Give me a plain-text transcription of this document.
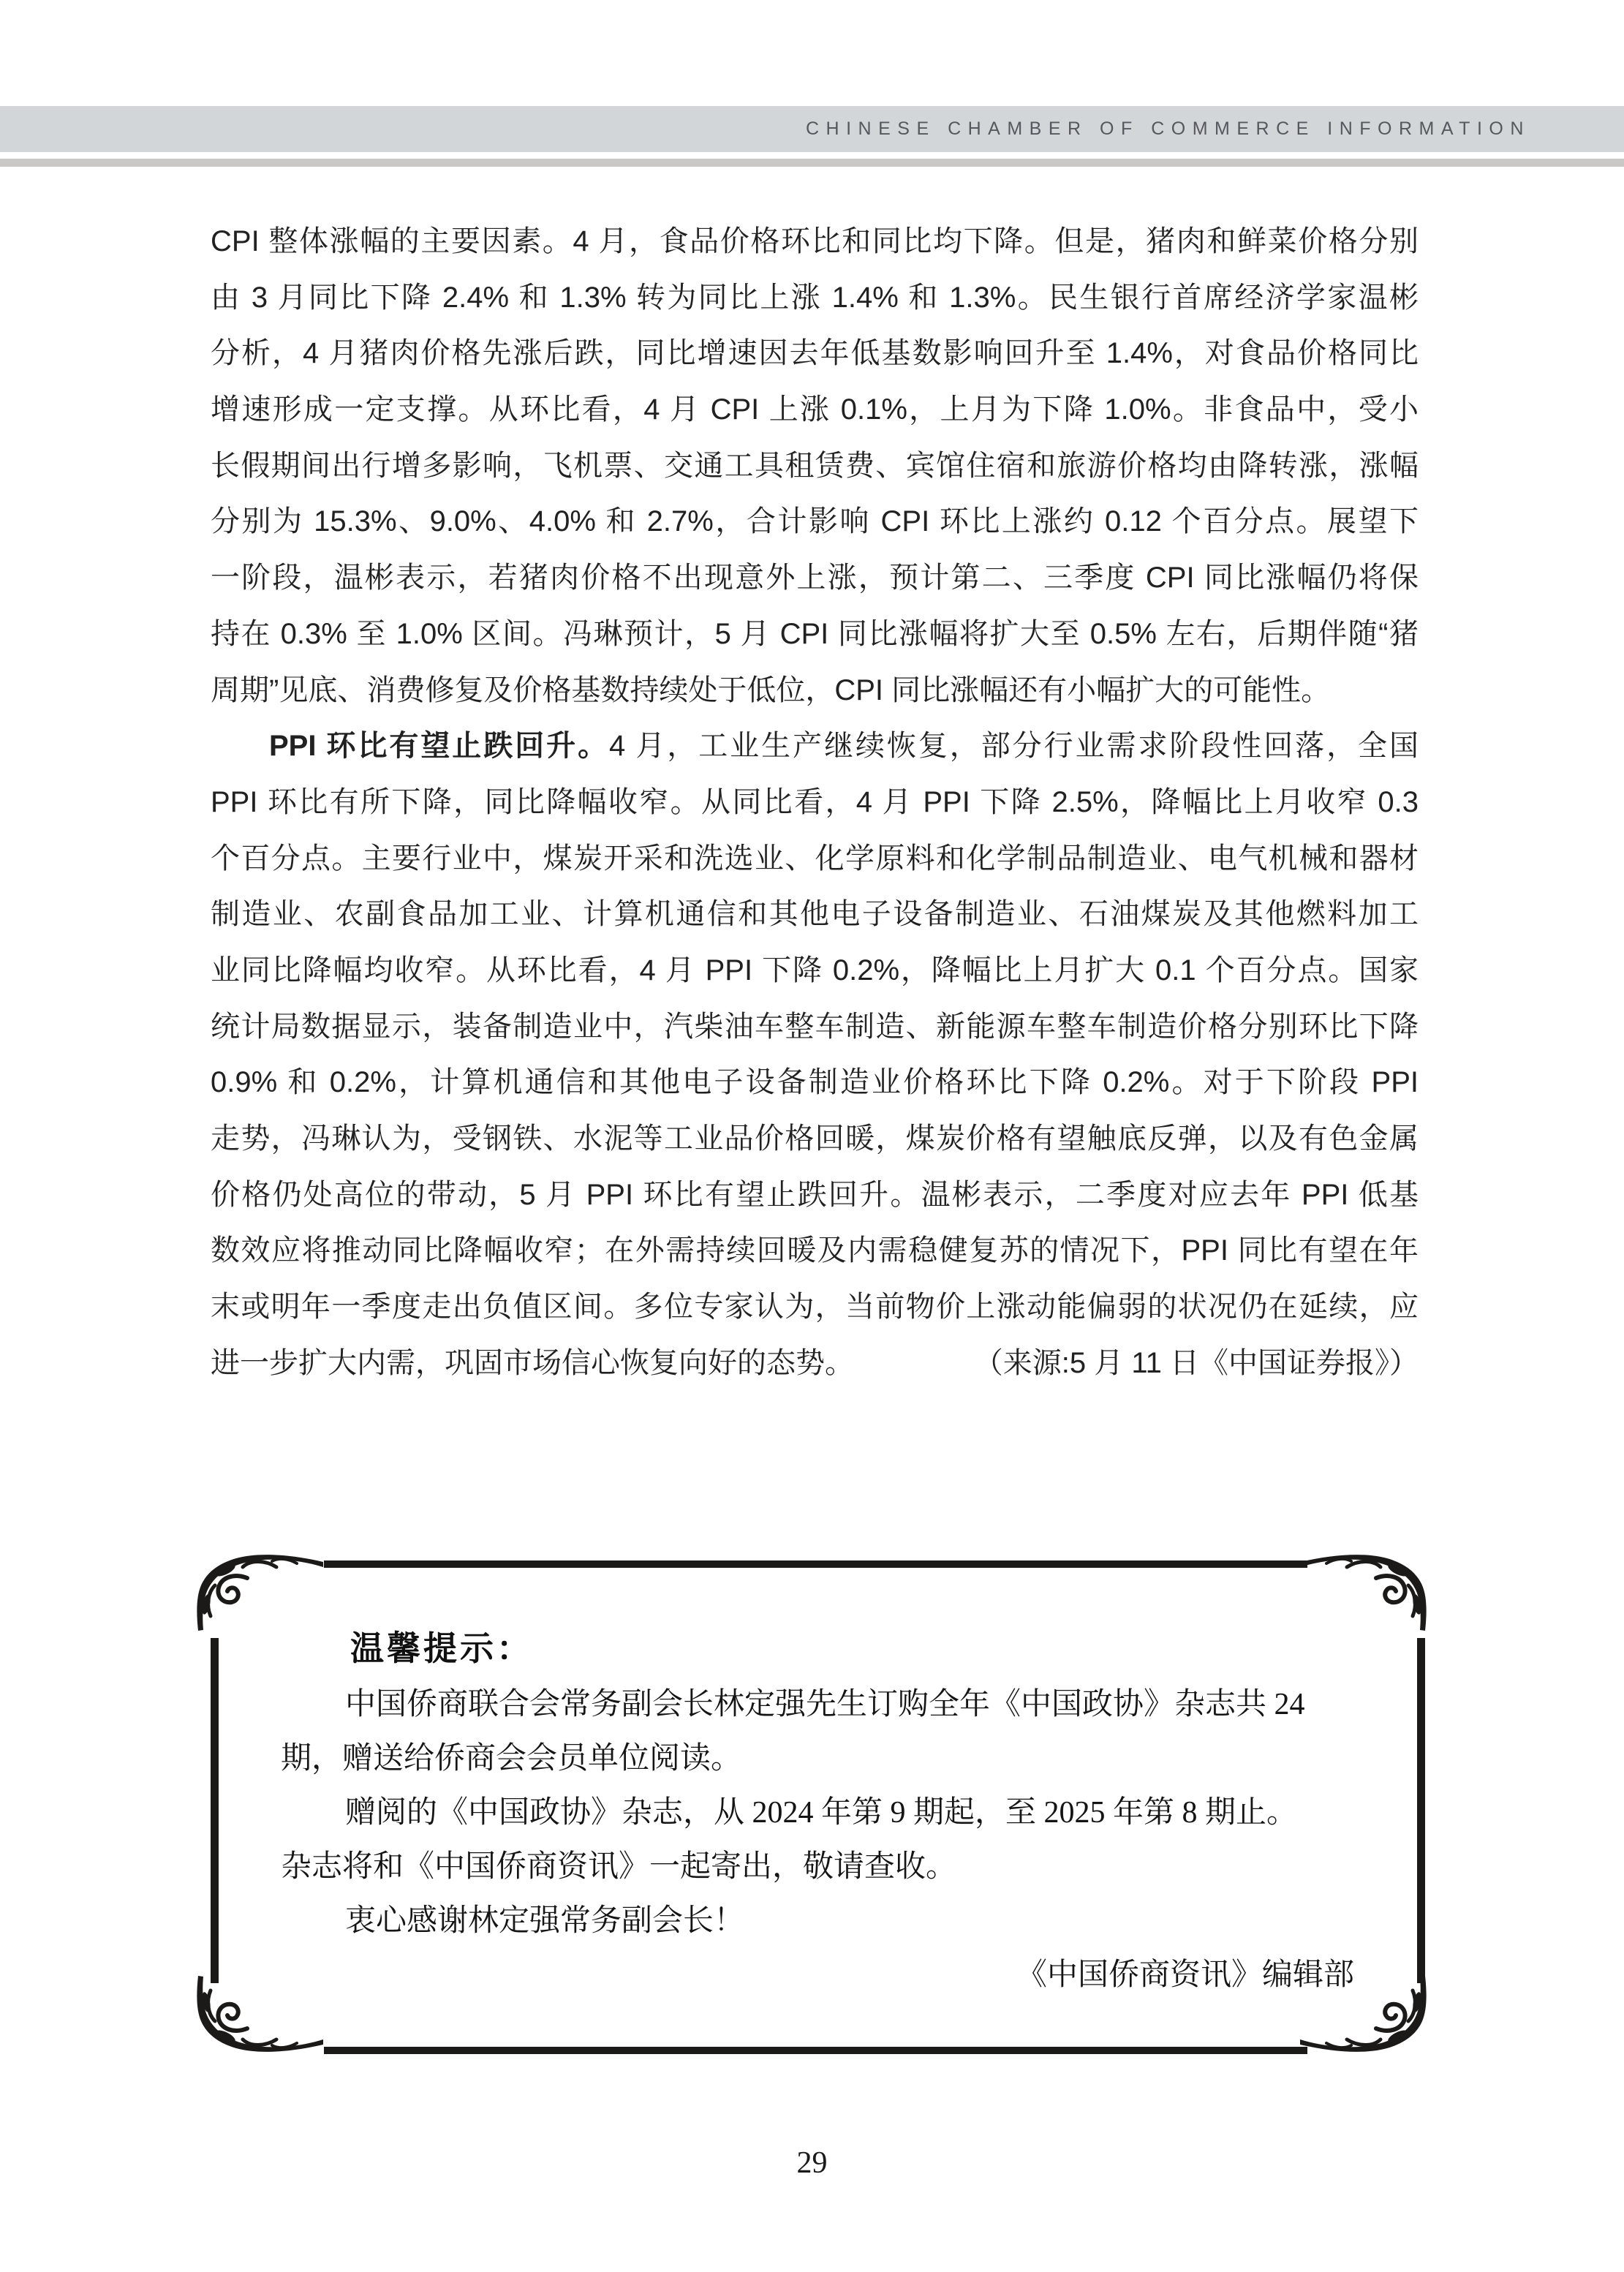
CHINESE CHAMBER OF COMMERCE INFORMATION
CPI 整体涨幅的主要因素。4 月，食品价格环比和同比均下降。但是，猪肉和鲜菜价格分别
由 3 月同比下降 2.4% 和 1.3% 转为同比上涨 1.4% 和 1.3%。民生银行首席经济学家温彬
分析，4 月猪肉价格先涨后跌，同比增速因去年低基数影响回升至 1.4%，对食品价格同比
增速形成一定支撑。从环比看，4 月 CPI 上涨 0.1%，上月为下降 1.0%。非食品中，受小
长假期间出行增多影响，飞机票、交通工具租赁费、宾馆住宿和旅游价格均由降转涨，涨幅
分别为 15.3%、9.0%、4.0% 和 2.7%，合计影响 CPI 环比上涨约 0.12 个百分点。展望下
一阶段，温彬表示，若猪肉价格不出现意外上涨，预计第二、三季度 CPI 同比涨幅仍将保
持在 0.3% 至 1.0% 区间。冯琳预计，5 月 CPI 同比涨幅将扩大至 0.5% 左右，后期伴随“猪
周期”见底、消费修复及价格基数持续处于低位，CPI 同比涨幅还有小幅扩大的可能性。
PPI 环比有望止跌回升。4 月，工业生产继续恢复，部分行业需求阶段性回落，全国
PPI 环比有所下降，同比降幅收窄。从同比看，4 月 PPI 下降 2.5%，降幅比上月收窄 0.3
个百分点。主要行业中，煤炭开采和洗选业、化学原料和化学制品制造业、电气机械和器材
制造业、农副食品加工业、计算机通信和其他电子设备制造业、石油煤炭及其他燃料加工
业同比降幅均收窄。从环比看，4 月 PPI 下降 0.2%，降幅比上月扩大 0.1 个百分点。国家
统计局数据显示，装备制造业中，汽柴油车整车制造、新能源车整车制造价格分别环比下降
0.9% 和 0.2%，计算机通信和其他电子设备制造业价格环比下降 0.2%。对于下阶段 PPI
走势，冯琳认为，受钢铁、水泥等工业品价格回暖，煤炭价格有望触底反弹，以及有色金属
价格仍处高位的带动，5 月 PPI 环比有望止跌回升。温彬表示，二季度对应去年 PPI 低基
数效应将推动同比降幅收窄；在外需持续回暖及内需稳健复苏的情况下，PPI 同比有望在年
末或明年一季度走出负值区间。多位专家认为，当前物价上涨动能偏弱的状况仍在延续，应
进一步扩大内需，巩固市场信心恢复向好的态势。	（来源:5 月 11 日《中国证券报》）
温馨提示：
中国侨商联合会常务副会长林定强先生订购全年《中国政协》杂志共 24
期，赠送给侨商会会员单位阅读。
赠阅的《中国政协》杂志，从 2024 年第 9 期起，至 2025 年第 8 期止。
杂志将和《中国侨商资讯》一起寄出，敬请查收。
衷心感谢林定强常务副会长！
《中国侨商资讯》编辑部
29
